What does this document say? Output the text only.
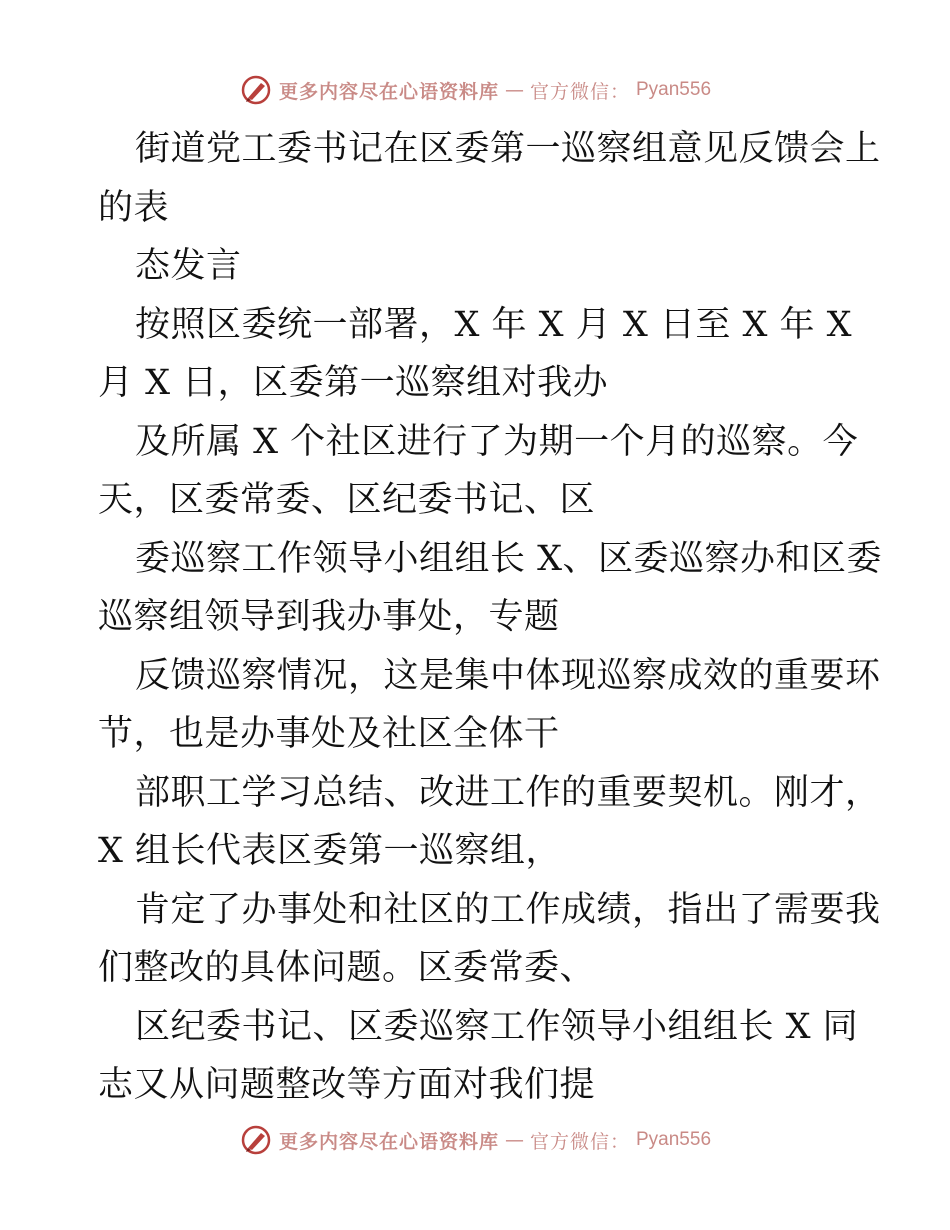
更多内容尽在心语资料库 — 官方微信： Pyan556
街道党工委书记在区委第一巡察组意见反馈会上
的表
态发言
按照区委统一部署，X 年 X 月 X 日至 X 年 X
月 X 日，区委第一巡察组对我办
及所属 X 个社区进行了为期一个月的巡察。今
天，区委常委、区纪委书记、区
委巡察工作领导小组组长 X、区委巡察办和区委
巡察组领导到我办事处，专题
反馈巡察情况，这是集中体现巡察成效的重要环
节，也是办事处及社区全体干
部职工学习总结、改进工作的重要契机。刚才，
X 组长代表区委第一巡察组，
肯定了办事处和社区的工作成绩，指出了需要我
们整改的具体问题。区委常委、
区纪委书记、区委巡察工作领导小组组长 X 同
志又从问题整改等方面对我们提
更多内容尽在心语资料库 — 官方微信： Pyan556
